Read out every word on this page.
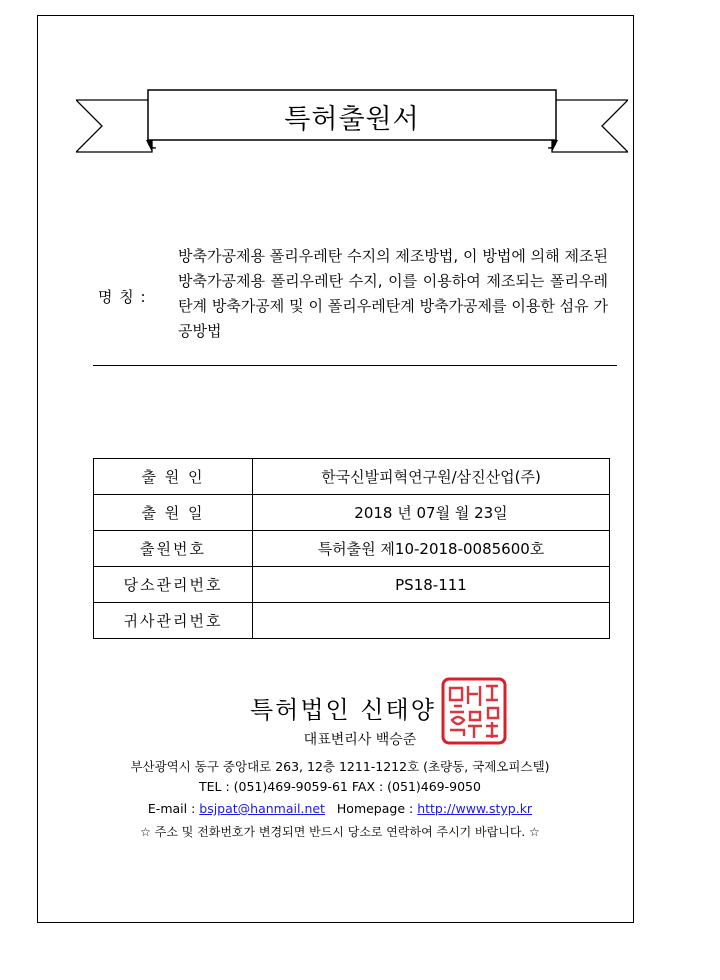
특허출원서
명 칭 :
방축가공제용 폴리우레탄 수지의 제조방법, 이 방법에 의해 제조된 방축가공제용 폴리우레탄 수지, 이를 이용하여 제조되는 폴리우레탄계 방축가공제 및 이 폴리우레탄계 방축가공제를 이용한 섬유 가공방법
출 원 인	한국신발피혁연구원/삼진산업(주)
출 원 일	2018 년 07월 월 23일
출원번호	특허출원 제10-2018-0085600호
당소관리번호	PS18-111
귀사관리번호	
특허법인 신태양
대표변리사 백승준
부산광역시 동구 중앙대로 263, 12층 1211-1212호 (초량동, 국제오피스텔)
TEL : (051)469-9059-61 FAX : (051)469-9050
E-mail : bsjpat@hanmail.net Homepage : http://www.styp.kr
☆ 주소 및 전화번호가 변경되면 반드시 당소로 연락하여 주시기 바랍니다. ☆
